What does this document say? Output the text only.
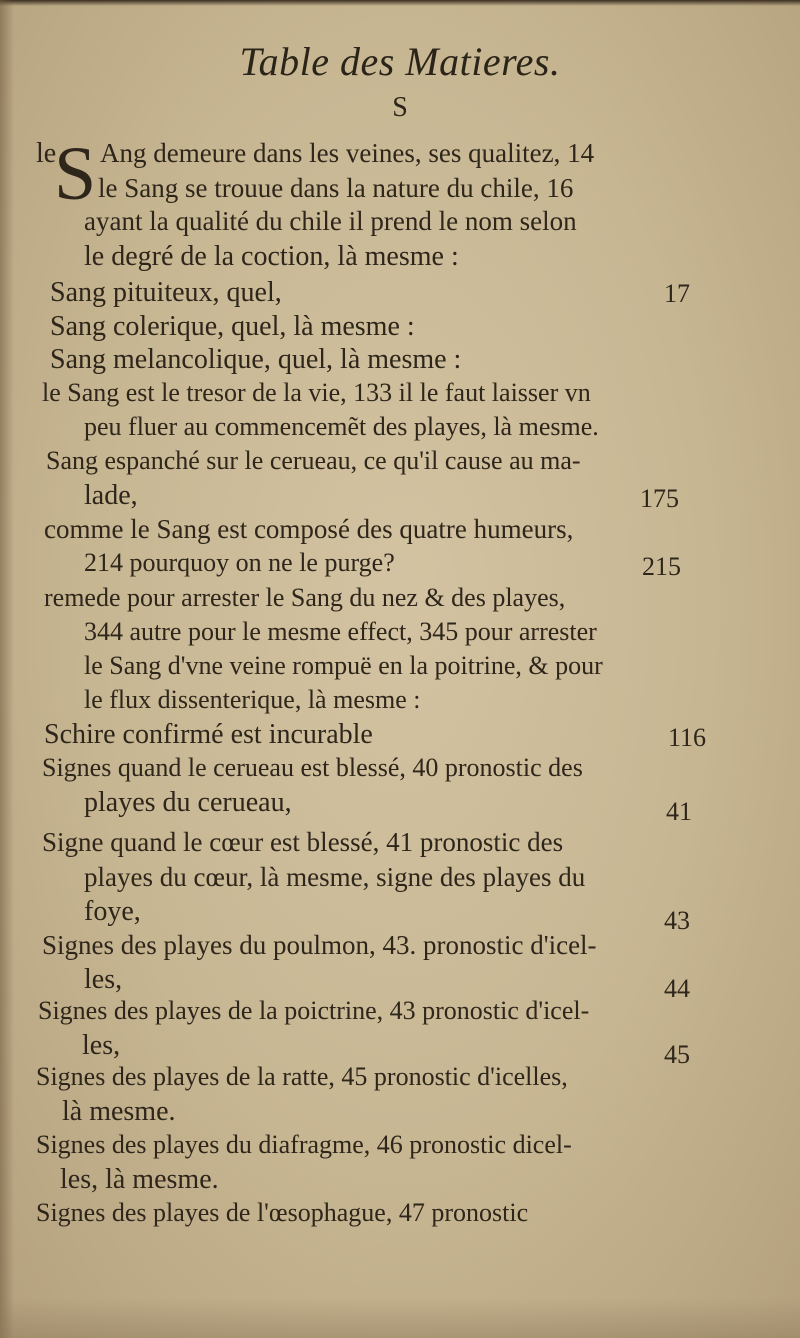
Table des Matieres.
S
S
le Ang demeure dans les veines, ses qualitez, 14
le Sang se trouue dans la nature du chile, 16
ayant la qualité du chile il prend le nom selon
le degré de la coction, là mesme :
Sang pituiteux, quel,	17
Sang colerique, quel, là mesme :
Sang melancolique, quel, là mesme :
le Sang est le tresor de la vie, 133 il le faut laisser vn
peu fluer au commencemẽt des playes, là mesme.
Sang espanché sur le cerueau, ce qu'il cause au ma-
lade,	175
comme le Sang est composé des quatre humeurs,
214 pourquoy on ne le purge?	215
remede pour arrester le Sang du nez & des playes,
344 autre pour le mesme effect, 345 pour arrester
le Sang d'vne veine rompuë en la poitrine, & pour
le flux dissenterique, là mesme :
Schire confirmé est incurable	116
Signes quand le cerueau est blessé, 40 pronostic des
playes du cerueau,	41
Signe quand le cœur est blessé, 41 pronostic des
playes du cœur, là mesme, signe des playes du
foye,	43
Signes des playes du poulmon, 43. pronostic d'icel-
les,	44
Signes des playes de la poictrine, 43 pronostic d'icel-
les,	45
Signes des playes de la ratte, 45 pronostic d'icelles,
là mesme.
Signes des playes du diafragme, 46 pronostic dicel-
les, là mesme.
Signes des playes de l'œsophague, 47 pronostic
